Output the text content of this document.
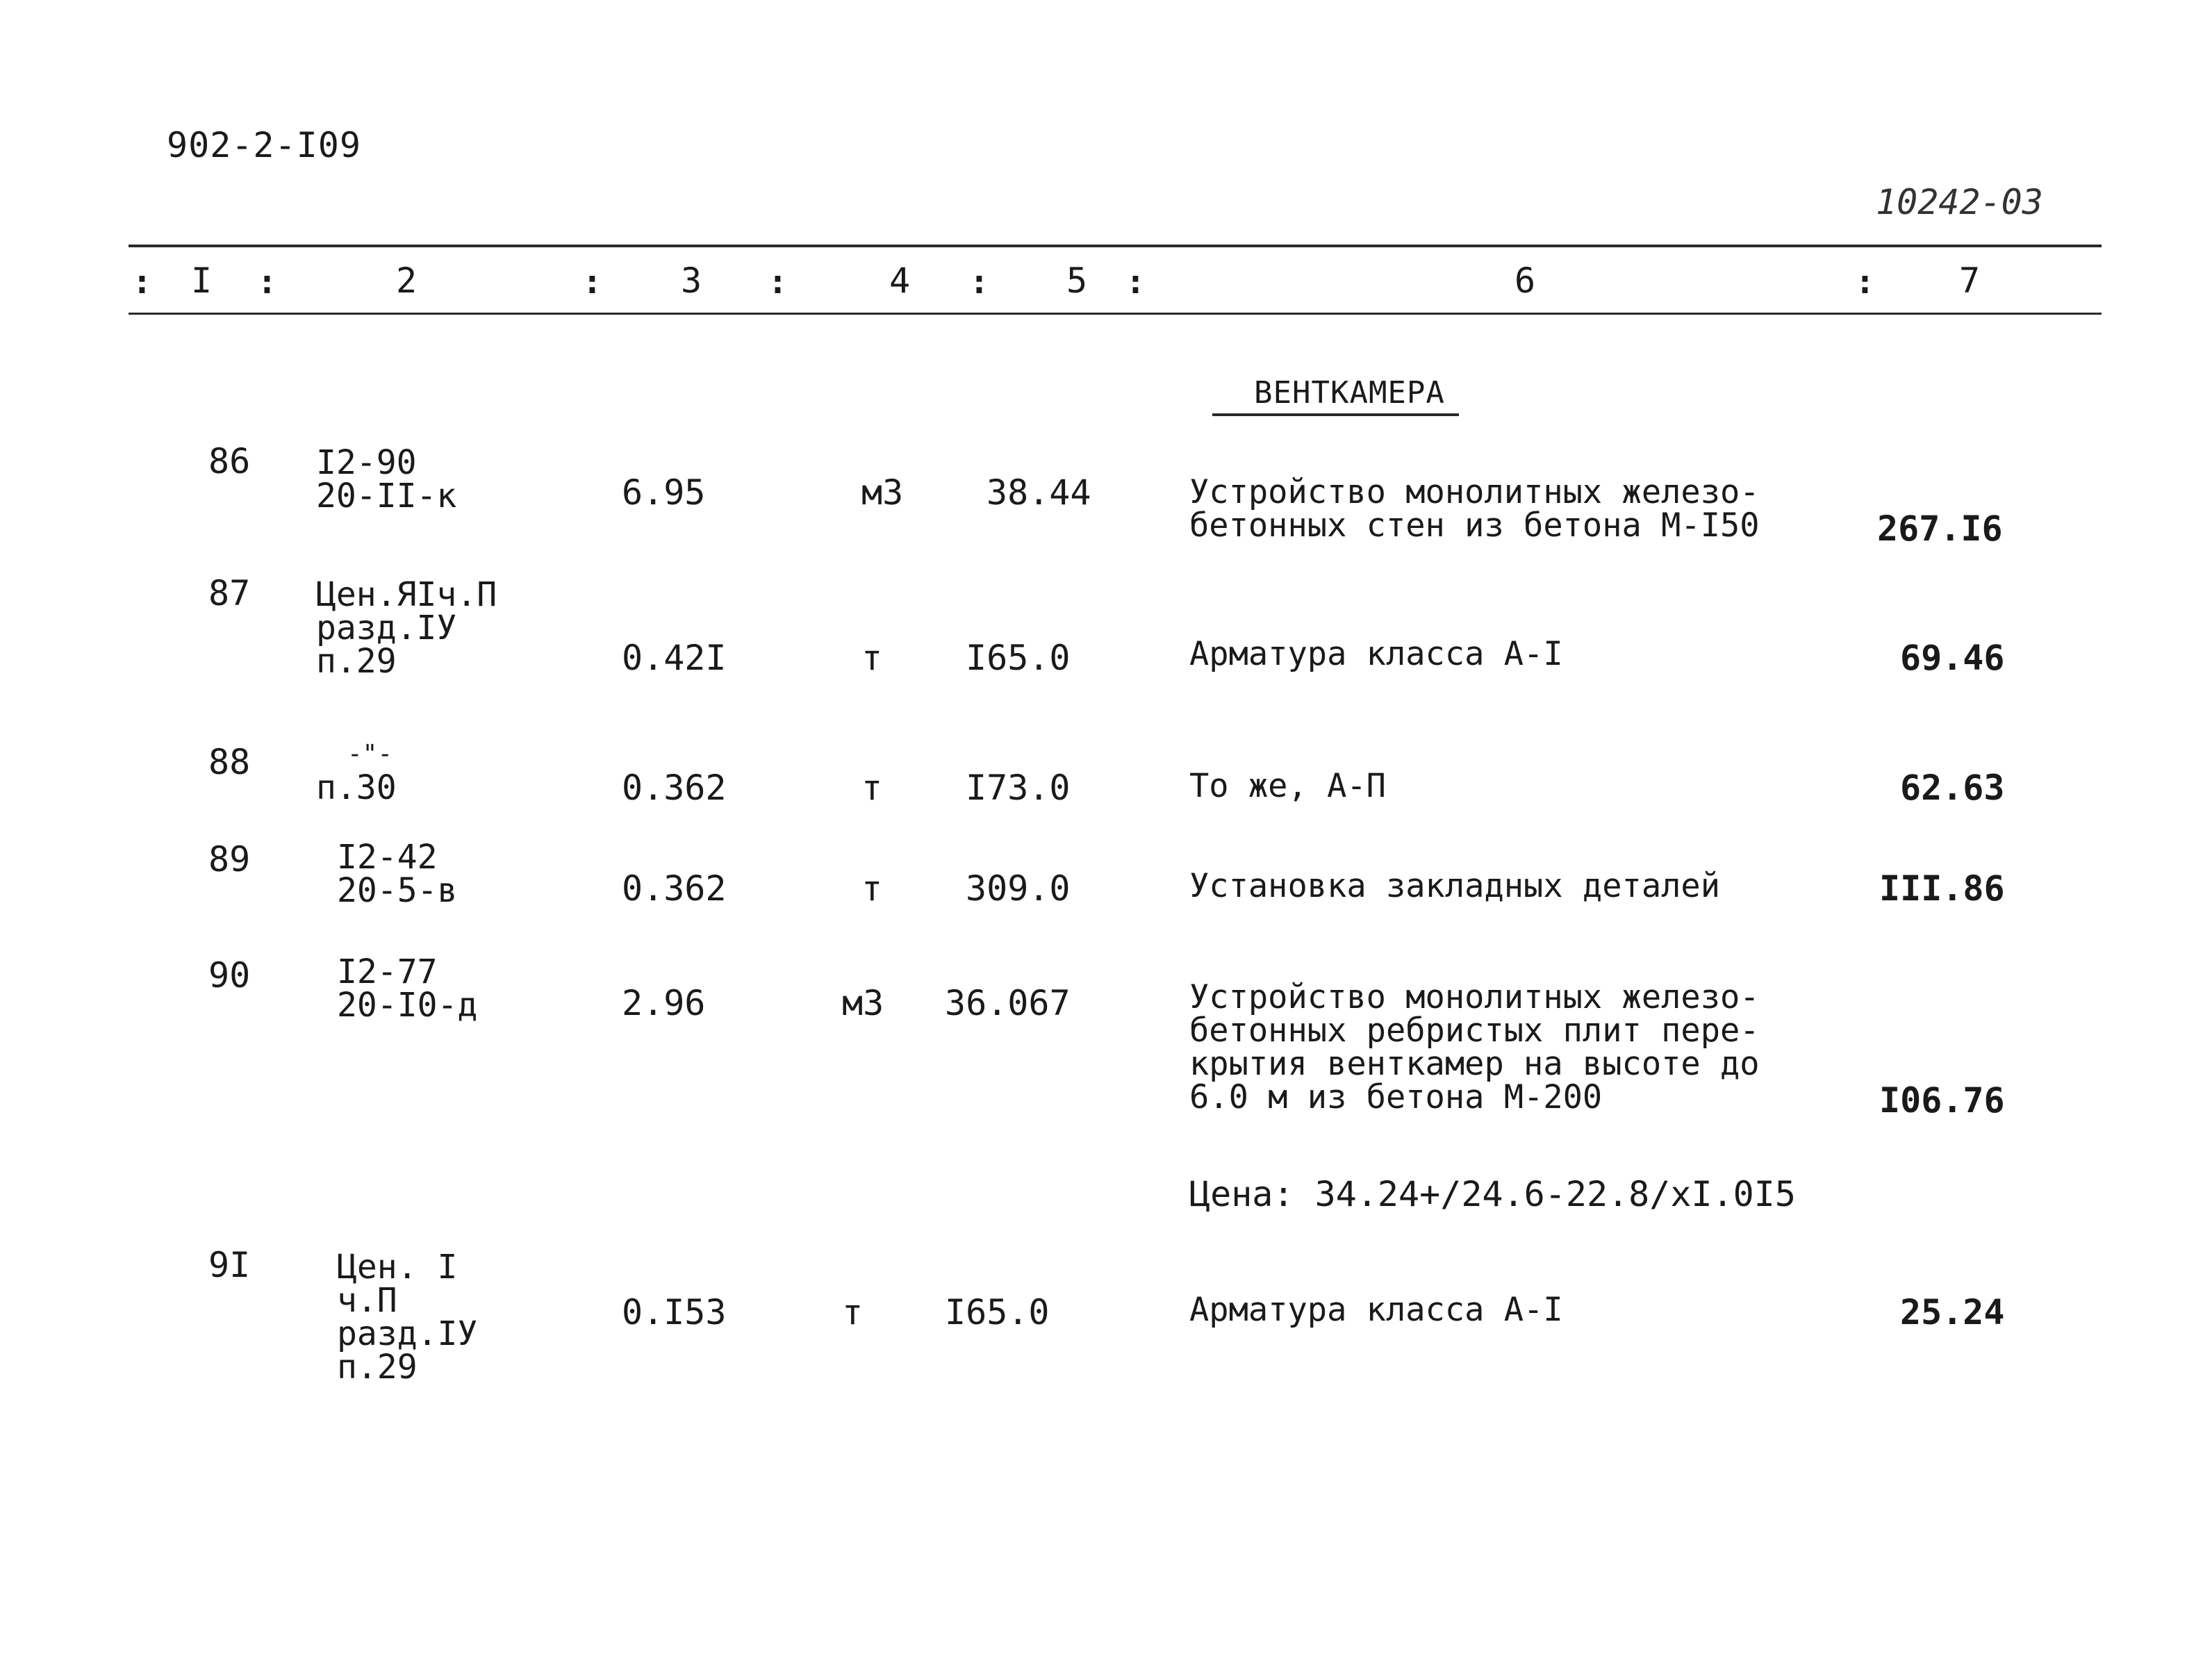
902-2-I09
10242-03
: I :	2	: 3 :	4 : 5 :	6	: 7
ВЕНТКАМЕРА
86 I2-90
20-II-к	6.95	м3 38.44	Устройство монолитных железо-
бетонных стен из бетона М-I50	267.I6
87 Цен.ЯIч.П
разд.IУ
п.29	0.42I	т I65.0	Арматура класса А-I	69.46
88	-"-
п.30	0.362	т I73.0	То же, А-П	62.63
89	I2-42
20-5-в	0.362	т 309.0	Установка закладных деталей	III.86
90	I2-77
20-I0-д	2.96	м3 36.067	Устройство монолитных железо-
бетонных ребристых плит пере-
крытия венткамер на высоте до
6.0 м из бетона М-200	I06.76
Цена: 34.24+/24.6-22.8/xI.0I5
9I	Цен. I
ч.П
разд.IУ
п.29
0.I53	т I65.0	Арматура класса А-I	25.24
